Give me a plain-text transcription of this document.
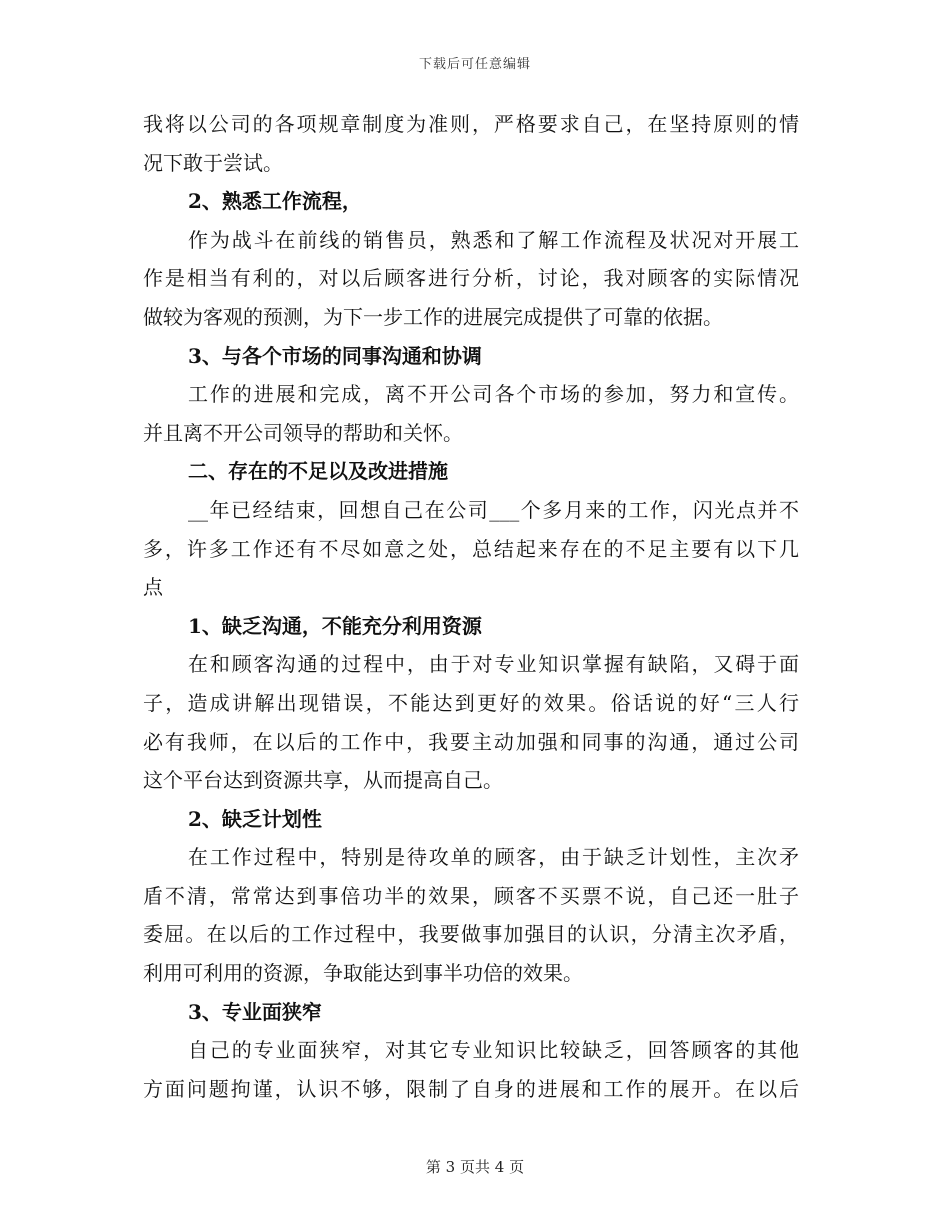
下载后可任意编辑
我将以公司的各项规章制度为准则，严格要求自己，在坚持原则的情
况下敢于尝试。
2、熟悉工作流程，
作为战斗在前线的销售员，熟悉和了解工作流程及状况对开展工
作是相当有利的，对以后顾客进行分析，讨论，我对顾客的实际情况
做较为客观的预测，为下一步工作的进展完成提供了可靠的依据。
3、与各个市场的同事沟通和协调
工作的进展和完成，离不开公司各个市场的参加，努力和宣传。
并且离不开公司领导的帮助和关怀。
二、存在的不足以及改进措施
__年已经结束，回想自己在公司___个多月来的工作，闪光点并不
多，许多工作还有不尽如意之处，总结起来存在的不足主要有以下几
点
1、缺乏沟通，不能充分利用资源
在和顾客沟通的过程中，由于对专业知识掌握有缺陷，又碍于面
子，造成讲解出现错误，不能达到更好的效果。俗话说的好“三人行
必有我师，在以后的工作中，我要主动加强和同事的沟通，通过公司
这个平台达到资源共享，从而提高自己。
2、缺乏计划性
在工作过程中，特别是待攻单的顾客，由于缺乏计划性，主次矛
盾不清，常常达到事倍功半的效果，顾客不买票不说，自己还一肚子
委屈。在以后的工作过程中，我要做事加强目的认识，分清主次矛盾，
利用可利用的资源，争取能达到事半功倍的效果。
3、专业面狭窄
自己的专业面狭窄，对其它专业知识比较缺乏，回答顾客的其他
方面问题拘谨，认识不够，限制了自身的进展和工作的展开。在以后
第 3 页共 4 页
